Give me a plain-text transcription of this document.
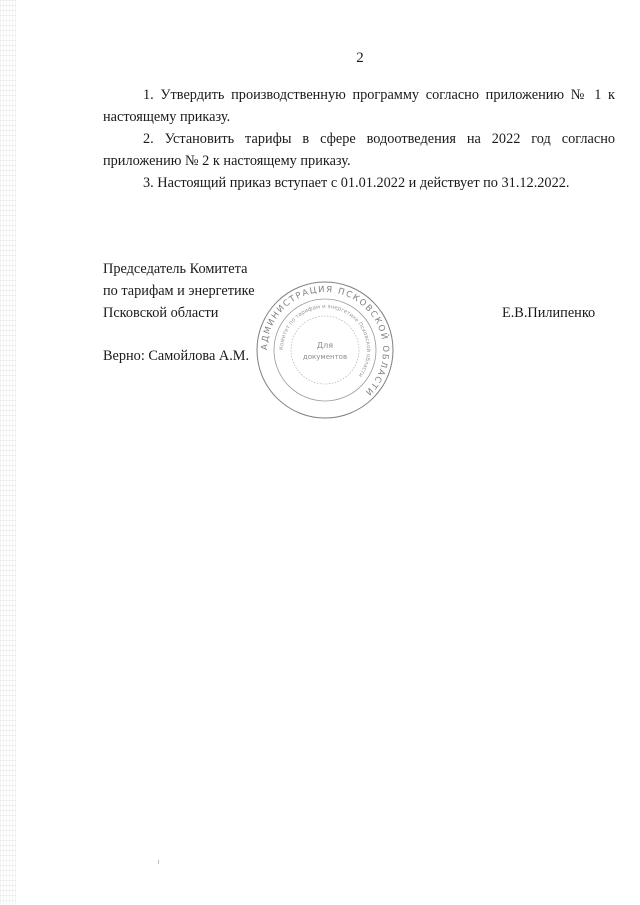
2

1. Утвердить производственную программу согласно приложению № 1 к настоящему приказу.

2. Установить тарифы в сфере водоотведения на 2022 год согласно приложению № 2 к настоящему приказу.

3. Настоящий приказ вступает с 01.01.2022 и действует по 31.12.2022.

Председатель Комитета
по тарифам и энергетике
Псковской области	Е.В.Пилипенко
Верно: Самойлова А.М.
АДМИНИСТРАЦИЯ ПСКОВСКОЙ ОБЛАСТИ
Комитет по тарифам и энергетике Псковской области
Для
документов
